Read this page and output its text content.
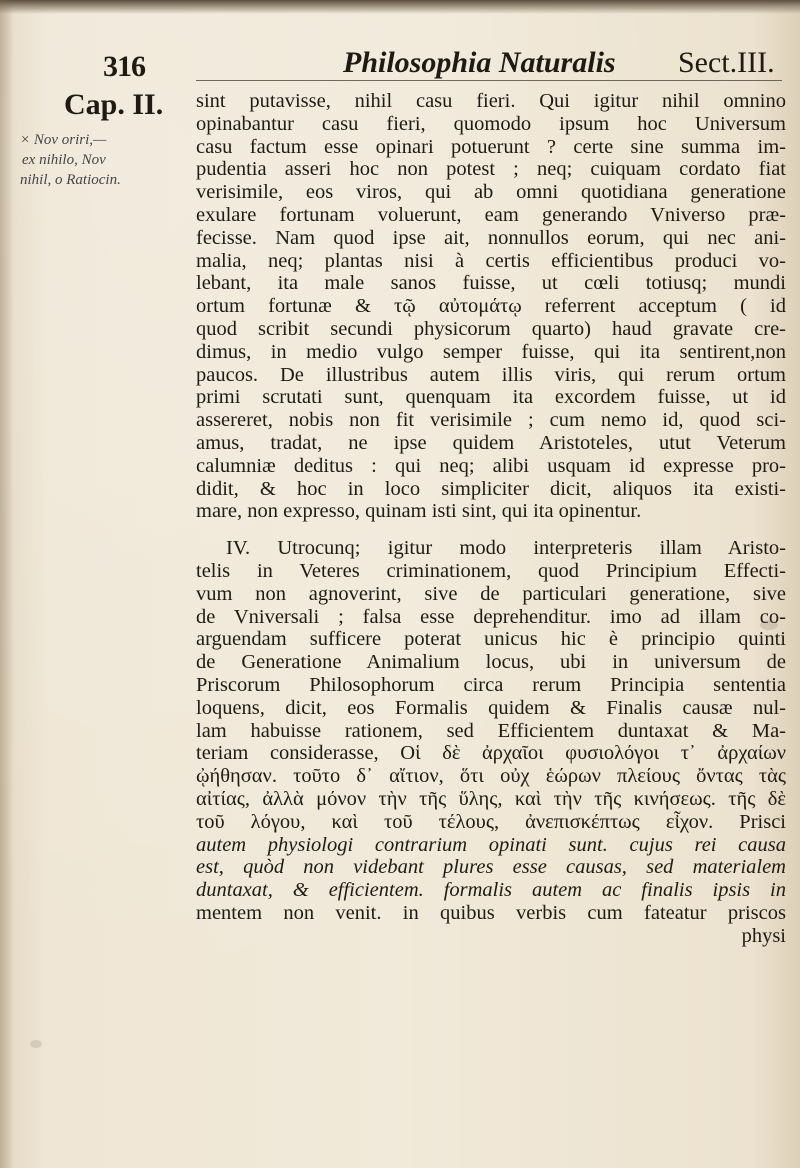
316	Philosophia Naturalis Sect.III.
Cap. II.
× Nov oriri,—
ex nihilo, Nov
nihil, o Ratiocin.
sint putavisse, nihil casu fieri. Qui igitur nihil omnino
opinabantur casu fieri, quomodo ipsum hoc Universum
casu factum esse opinari potuerunt ? certe sine summa im-
pudentia asseri hoc non potest ; neq; cuiquam cordato fiat
verisimile, eos viros, qui ab omni quotidiana generatione
exulare fortunam voluerunt, eam generando Vniverso præ-
fecisse. Nam quod ipse ait, nonnullos eorum, qui nec ani-
malia, neq; plantas nisi à certis efficientibus produci vo-
lebant, ita male sanos fuisse, ut cœli totiusq; mundi
ortum fortunæ & τῷ αὐτομάτῳ referrent acceptum ( id
quod scribit secundi physicorum quarto) haud gravate cre-
dimus, in medio vulgo semper fuisse, qui ita sentirent,non
paucos. De illustribus autem illis viris, qui rerum ortum
primi scrutati sunt, quenquam ita excordem fuisse, ut id
assereret, nobis non fit verisimile ; cum nemo id, quod sci-
amus, tradat, ne ipse quidem Aristoteles, utut Veterum
calumniæ deditus : qui neq; alibi usquam id expresse pro-
didit, & hoc in loco simpliciter dicit, aliquos ita existi-
mare, non expresso, quinam isti sint, qui ita opinentur.
IV. Utrocunq; igitur modo interpreteris illam Aristo-
telis in Veteres criminationem, quod Principium Effecti-
vum non agnoverint, sive de particulari generatione, sive
de Vniversali ; falsa esse deprehenditur. imo ad illam co-
arguendam sufficere poterat unicus hic è principio quinti
de Generatione Animalium locus, ubi in universum de
Priscorum Philosophorum circa rerum Principia sententia
loquens, dicit, eos Formalis quidem & Finalis causæ nul-
lam habuisse rationem, sed Efficientem duntaxat & Ma-
teriam considerasse, Οἱ δὲ ἀρχαῖοι φυσιολόγοι τ᾽ ἀρχαίων
ᾠήθησαν. τοῦτο δ᾽ αἴτιον, ὅτι οὐχ ἑώρων πλείους ὄντας τὰς
αἰτίας, ἀλλὰ μόνον τὴν τῆς ὕλης, καὶ τὴν τῆς κινήσεως. τῆς δὲ
τοῦ λόγου, καὶ τοῦ τέλους, ἀνεπισκέπτως εἶχον. Prisci
autem physiologi contrarium opinati sunt. cujus rei causa
est, quòd non videbant plures esse causas, sed materialem
duntaxat, & efficientem. formalis autem ac finalis ipsis in
mentem non venit. in quibus verbis cum fateatur priscos
physi
